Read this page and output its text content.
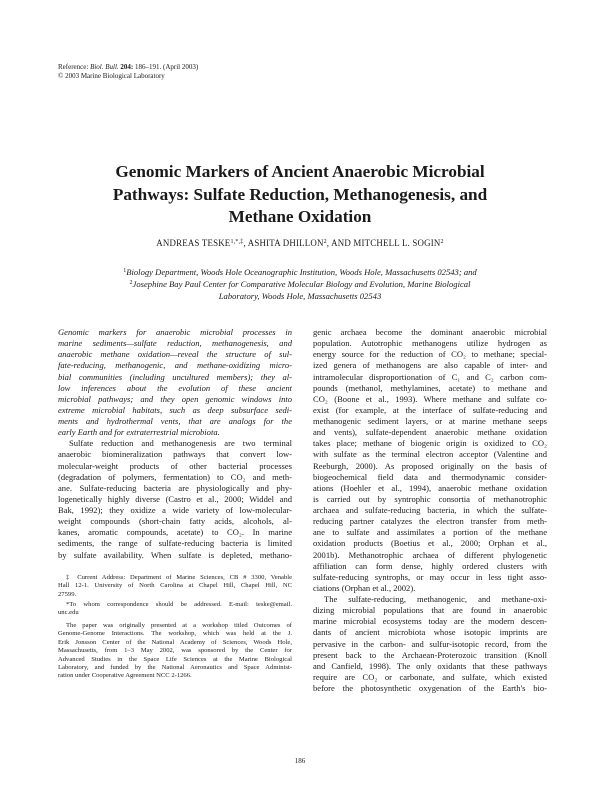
Reference: Biol. Bull. 204: 186–191. (April 2003)
© 2003 Marine Biological Laboratory
Genomic Markers of Ancient Anaerobic Microbial
Pathways: Sulfate Reduction, Methanogenesis, and
Methane Oxidation
ANDREAS $TESKE^{1,*,\ddagger}$, ASHITA DHILLON$^2$, AND MITCHELL L. SOGIN$^2$
$^1$Biology Department, Woods Hole Oceanographic Institution, Woods Hole, Massachusetts 02543; and
$^2$Josephine Bay Paul Center for Comparative Molecular Biology and Evolution, Marine Biological
Laboratory, Woods Hole, Massachusetts 02543
Genomic markers for anaerobic microbial processes in
marine sediments—sulfate reduction, methanogenesis, and
anaerobic methane oxidation—reveal the structure of sul-
fate-reducing, methanogenic, and methane-oxidizing micro-
bial communities (including uncultured members); they al-
low inferences about the evolution of these ancient
microbial pathways; and they open genomic windows into
extreme microbial habitats, such as deep subsurface sedi-
ments and hydrothermal vents, that are analogs for the
early Earth and for extraterrestrial microbiota.
Sulfate reduction and methanogenesis are two terminal
anaerobic biomineralization pathways that convert low-
molecular-weight products of other bacterial processes
(degradation of polymers, fermentation) to CO₂ and meth-
ane. Sulfate-reducing bacteria are physiologically and phy-
logenetically highly diverse (Castro et al., 2000; Widdel and
Bak, 1992); they oxidize a wide variety of low-molecular-
weight compounds (short-chain fatty acids, alcohols, al-
kanes, aromatic compounds, acetate) to CO₂. In marine
sediments, the range of sulfate-reducing bacteria is limited
by sulfate availability. When sulfate is depleted, methano-
‡ Current Address: Department of Marine Sciences, CB # 3300, Venable
Hall 12-1. University of North Carolina at Chapel Hill, Chapel Hill, NC
27599.
*To whom correspondence should be addressed. E-mail: teske@email.
unc.edu
The paper was originally presented at a workshop titled Outcomes of
Genome-Genome Interactions. The workshop, which was held at the J.
Erik Jonsson Center of the National Academy of Sciences, Woods Hole,
Massachusetts, from 1–3 May 2002, was sponsored by the Center for
Advanced Studies in the Space Life Sciences at the Marine Biological
Laboratory, and funded by the National Aeronautics and Space Administ-
ration under Cooperative Agreement NCC 2-1266.
genic archaea become the dominant anaerobic microbial
population. Autotrophic methanogens utilize hydrogen as
energy source for the reduction of CO₂ to methane; special-
ized genera of methanogens are also capable of inter- and
intramolecular disproportionation of C₁ and C₂ carbon com-
pounds (methanol, methylamines, acetate) to methane and
CO₂ (Boone et al., 1993). Where methane and sulfate co-
exist (for example, at the interface of sulfate-reducing and
methanogenic sediment layers, or at marine methane seeps
and vents), sulfate-dependent anaerobic methane oxidation
takes place; methane of biogenic origin is oxidized to CO₂
with sulfate as the terminal electron acceptor (Valentine and
Reeburgh, 2000). As proposed originally on the basis of
biogeochemical field data and thermodynamic consider-
ations (Hoehler et al., 1994), anaerobic methane oxidation
is carried out by syntrophic consortia of methanotrophic
archaea and sulfate-reducing bacteria, in which the sulfate-
reducing partner catalyzes the electron transfer from meth-
ane to sulfate and assimilates a portion of the methane
oxidation products (Boetius et al., 2000; Orphan et al.,
2001b). Methanotrophic archaea of different phylogenetic
affiliation can form dense, highly ordered clusters with
sulfate-reducing syntrophs, or may occur in less tight asso-
ciations (Orphan et al., 2002).
The sulfate-reducing, methanogenic, and methane-oxi-
dizing microbial populations that are found in anaerobic
marine microbial ecosystems today are the modern descen-
dants of ancient microbiota whose isotopic imprints are
pervasive in the carbon- and sulfur-isotopic record, from the
present back to the Archaean-Proterozoic transition (Knoll
and Canfield, 1998). The only oxidants that these pathways
require are CO₂ or carbonate, and sulfate, which existed
before the photosynthetic oxygenation of the Earth's bio-
186
